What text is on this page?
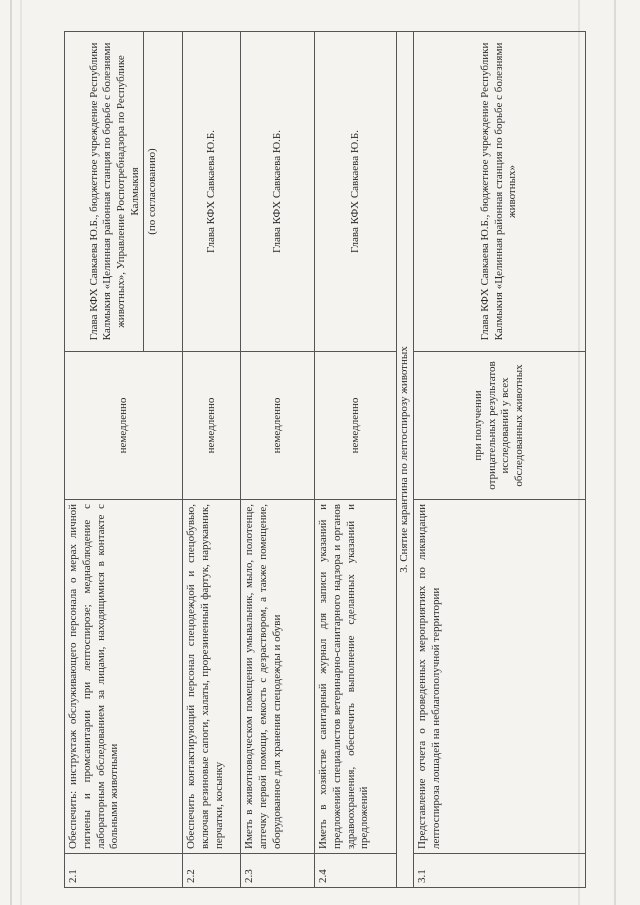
2.1	Обеспечить: инструктаж обслуживающего персонала о мерах личной гигиены и промсанитарии при лептоспирозе; меднаблюдение с лабораторным обследованием за лицами, находящимися в контакте с больными животными	немедленно	Глава КФХ Савкаева Ю.Б., бюджетное учреждение Республики Калмыкия «Целинная районная станция по борьбе с болезнями животных», Управление Роспотребнадзора по Республике Калмыкия (по согласованию)

2.2	Обеспечить контактирующий персонал спецодеждой и спецобувью, включая резиновые сапоги, халаты, прорезиненный фартук, нарукавник, перчатки, косынку	немедленно	Глава КФХ Савкаева Ю.Б.
2.3	Иметь в животноводческом помещении умывальник, мыло, полотенце, аптечку первой помощи, емкость с дезраствором, а также помещение, оборудованное для хранения спецодежды и обуви	немедленно	Глава КФХ Савкаева Ю.Б.
2.4	Иметь в хозяйстве санитарный журнал для записи указаний и предложений специалистов ветеринарно-санитарного надзора и органов здравоохранения, обеспечить выполнение сделанных указаний и предложений	немедленно	Глава КФХ Савкаева Ю.Б.
3. Снятие карантина по лептоспирозу животных			
3.1	Представление отчета о проведенных мероприятиях по ликвидации лептоспироза лошадей на неблагополучной территории	при получении отрицательных результатов исследований у всех обследованных животных	Глава КФХ Савкаева Ю.Б., бюджетное учреждение Республики Калмыкия «Целинная районная станция по борьбе с болезнями животных»
